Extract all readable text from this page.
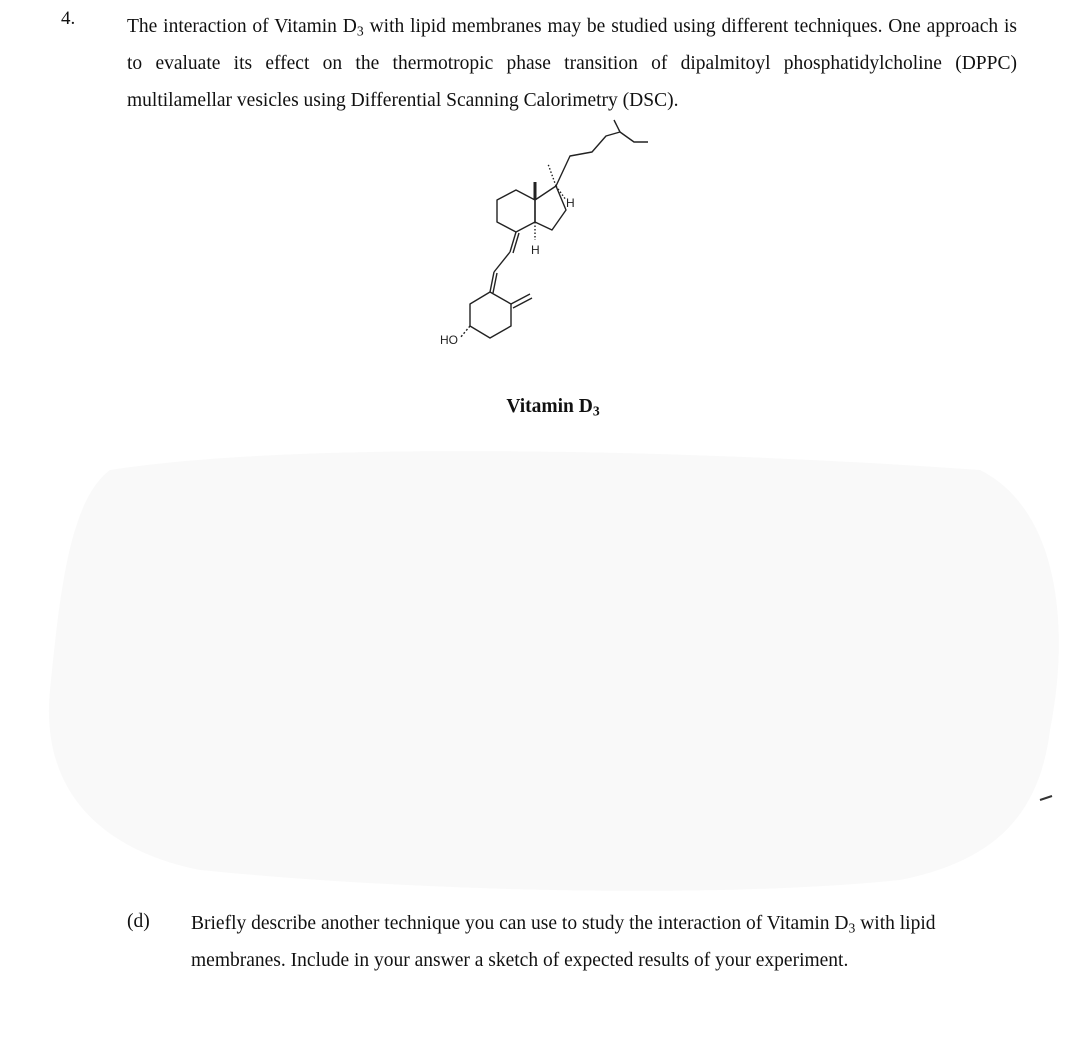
4.	The interaction of Vitamin $D_3$ with lipid membranes may be studied using different techniques. One approach is to evaluate its effect on the thermotropic phase transition of dipalmitoyl phosphatidylcholine (DPPC) multilamellar vesicles using Differential Scanning Calorimetry (DSC).
HO
H
H
Vitamin $D_3$
(d) Briefly describe another technique you can use to study the interaction of Vitamin $D_3$ with lipid membranes. Include in your answer a sketch of expected results of your experiment.
